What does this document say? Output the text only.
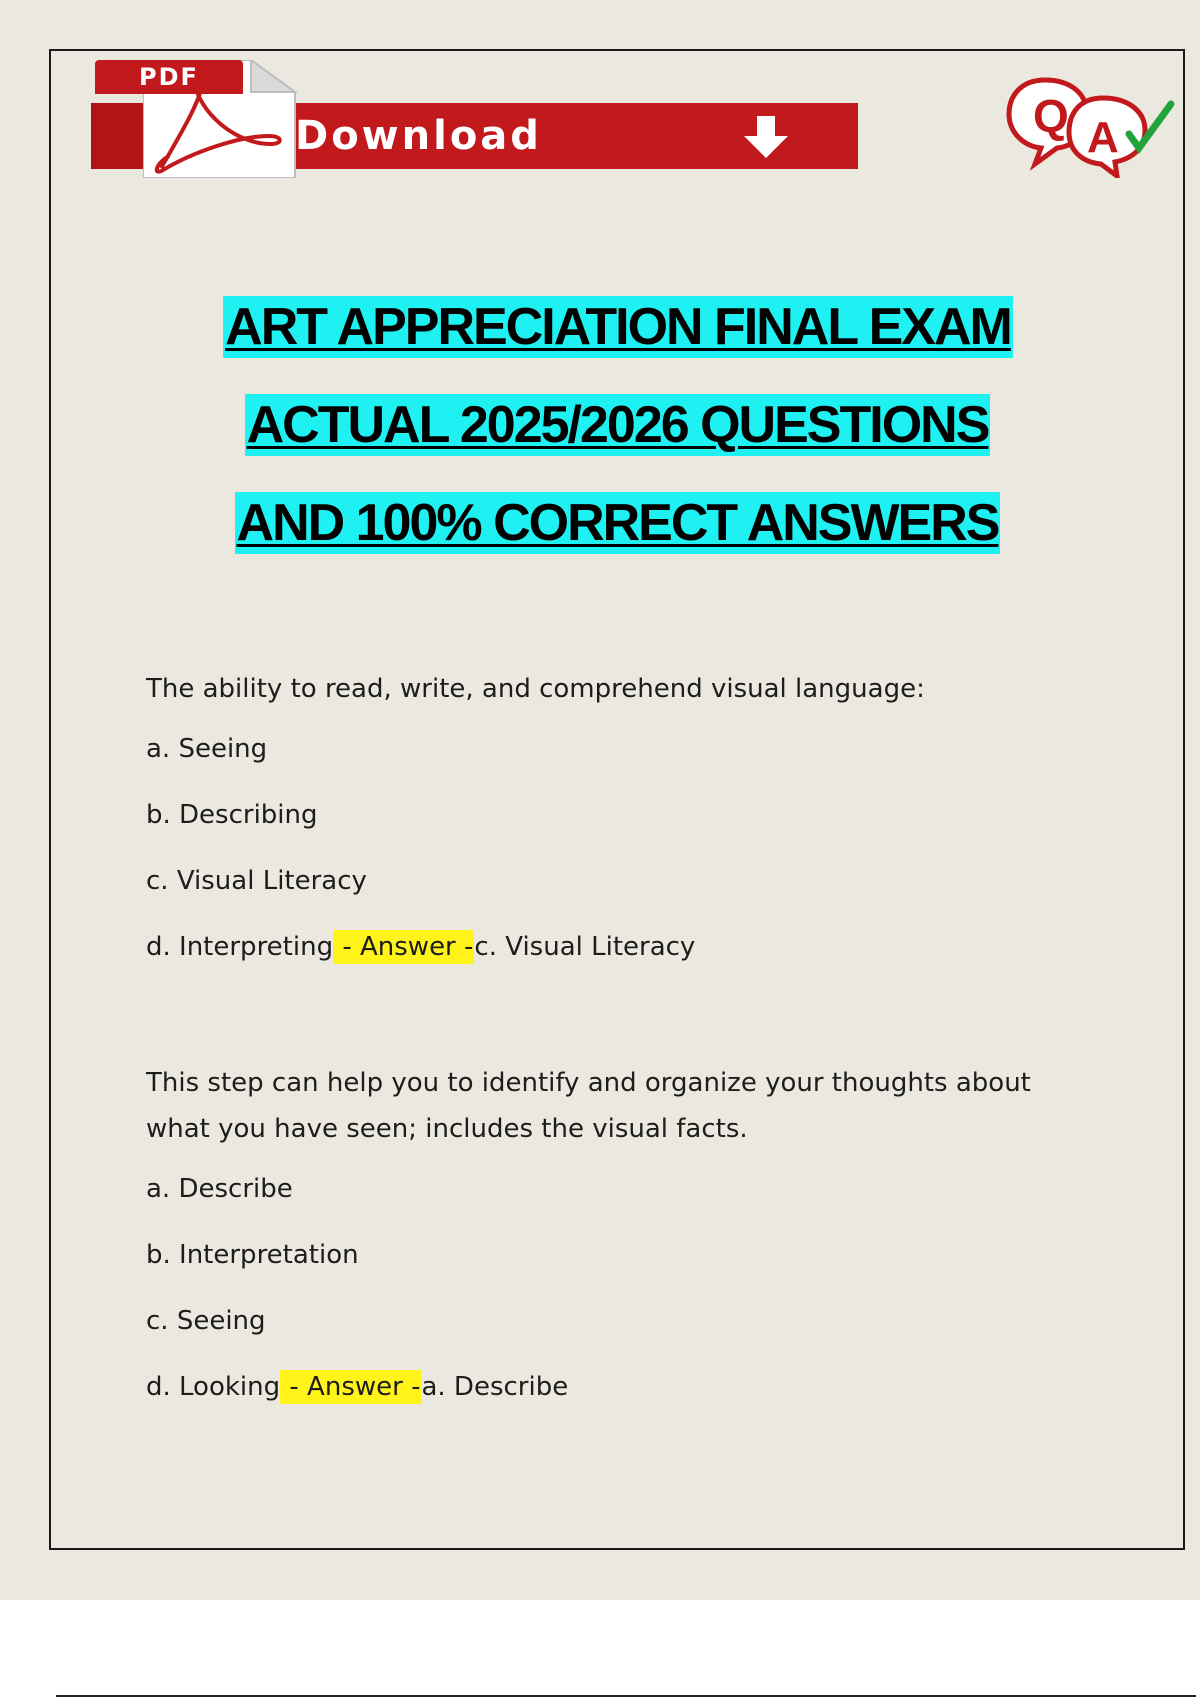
PDF
Download	Q A
ART APPRECIATION FINAL EXAM
ACTUAL 2025/2026 QUESTIONS
AND 100% CORRECT ANSWERS

The ability to read, write, and comprehend visual language:

a. Seeing

b. Describing

c. Visual Literacy

d. Interpreting - Answer -c. Visual Literacy

This step can help you to identify and organize your thoughts about
what you have seen; includes the visual facts.

a. Describe

b. Interpretation

c. Seeing

d. Looking - Answer -a. Describe
